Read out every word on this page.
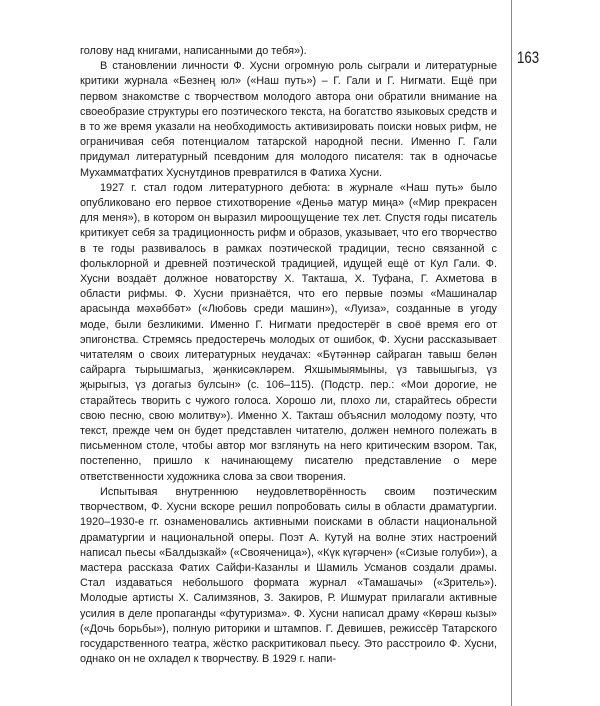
голову над книгами, написанными до тебя»).

В становлении личности Ф. Хусни огромную роль сыграли и литературные критики журнала «Безнең юл» («Наш путь») – Г. Гали и Г. Нигмати. Ещё при первом знакомстве с творчеством молодого автора они обратили внимание на своеобразие структуры его поэтического текста, на богатство языковых средств и в то же время указали на необходимость активизировать поиски новых рифм, не ограничивая себя потенциалом татарской народной песни. Именно Г. Гали придумал литературный псевдоним для молодого писателя: так в одночасье Мухамматфатих Хуснутдинов превратился в Фатиха Хусни.

1927 г. стал годом литературного дебюта: в журнале «Наш путь» было опубликовано его первое стихотворение «Деньә матур миңа» («Мир прекрасен для меня»), в котором он выразил мироощущение тех лет. Спустя годы писатель критикует себя за традиционность рифм и образов, указывает, что его творчество в те годы развивалось в рамках поэтической традиции, тесно связанной с фольклорной и древней поэтической традицией, идущей ещё от Кул Гали. Ф. Хусни воздаёт должное новаторству Х. Такташа, Х. Туфана, Г. Ахметова в области рифмы. Ф. Хусни признаётся, что его первые поэмы «Машиналар арасында мәхәббәт» («Любовь среди машин»), «Луиза», созданные в угоду моде, были безликими. Именно Г. Нигмати предостерёг в своё время его от эпигонства. Стремясь предостеречь молодых от ошибок, Ф. Хусни рассказывает читателям о своих литературных неудачах: «Бүтәннәр сайраган тавыш белән сайрарга тырышмагыз, җәнкисәкләрем. Яхшымыямыны, үз тавышыгыз, үз җырыгыз, үз догагыз булсын» (с. 106–115). (Подстр. пер.: «Мои дорогие, не старайтесь творить с чужого голоса. Хорошо ли, плохо ли, старайтесь обрести свою песню, свою молитву»). Именно Х. Такташ объяснил молодому поэту, что текст, прежде чем он будет представлен читателю, должен немного полежать в письменном столе, чтобы автор мог взглянуть на него критическим взором. Так, постепенно, пришло к начинающему писателю представление о мере ответственности художника слова за свои творения.

Испытывая внутреннюю неудовлетворённость своим поэтическим творчеством, Ф. Хусни вскоре решил попробовать силы в области драматургии. 1920–1930-е гг. ознаменовались активными поисками в области национальной драматургии и национальной оперы. Поэт А. Кутуй на волне этих настроений написал пьесы «Балдызкай» («Свояченица»), «Күк күгәрчен» («Сизые голуби»), а мастера рассказа Фатих Сайфи-Казанлы и Шамиль Усманов создали драмы. Стал издаваться небольшого формата журнал «Тамашачы» («Зритель»). Молодые артисты Х. Салимзянов, З. Закиров, Р. Ишмурат прилагали активные усилия в деле пропаганды «футуризма». Ф. Хусни написал драму «Көрәш кызы» («Дочь борьбы»), полную риторики и штампов. Г. Девишев, режиссёр Татарского государственного театра, жёстко раскритиковал пьесу. Это расстроило Ф. Хусни, однако он не охладел к творчеству. В 1929 г. напи-

163
